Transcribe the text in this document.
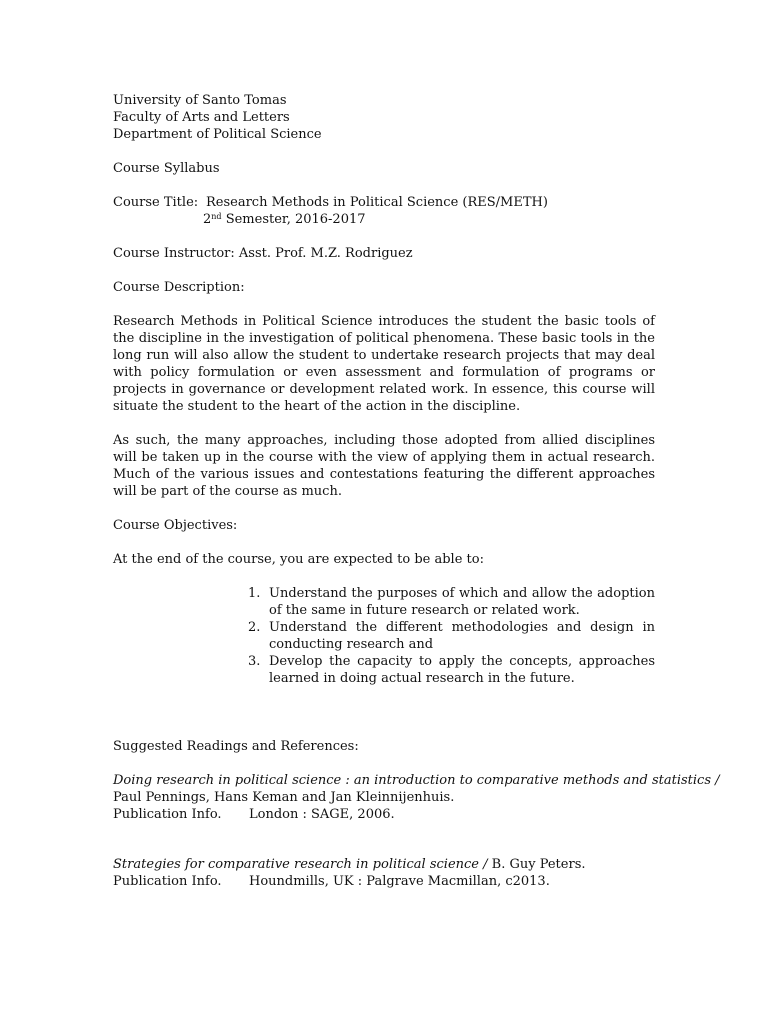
University of Santo Tomas
Faculty of Arts and Letters
Department of Political Science
Course Syllabus
Course Title: Research Methods in Political Science (RES/METH)
2nd Semester, 2016-2017
Course Instructor: Asst. Prof. M.Z. Rodriguez
Course Description:
Research Methods in Political Science introduces the student the basic tools of the discipline in the investigation of political phenomena. These basic tools in the long run will also allow the student to undertake research projects that may deal with policy formulation or even assessment and formulation of programs or projects in governance or development related work. In essence, this course will situate the student to the heart of the action in the discipline.
As such, the many approaches, including those adopted from allied disciplines will be taken up in the course with the view of applying them in actual research. Much of the various issues and contestations featuring the different approaches will be part of the course as much.
Course Objectives:
At the end of the course, you are expected to be able to:
1. Understand the purposes of which and allow the adoption of the same in future research or related work.
2. Understand the different methodologies and design in conducting research and
3. Develop the capacity to apply the concepts, approaches learned in doing actual research in the future.
Suggested Readings and References:
Doing research in political science : an introduction to comparative methods and statistics /
Paul Pennings, Hans Keman and Jan Kleinnijenhuis.
Publication Info.	London : SAGE, 2006.
Strategies for comparative research in political science / B. Guy Peters.
Publication Info.	Houndmills, UK : Palgrave Macmillan, c2013.
